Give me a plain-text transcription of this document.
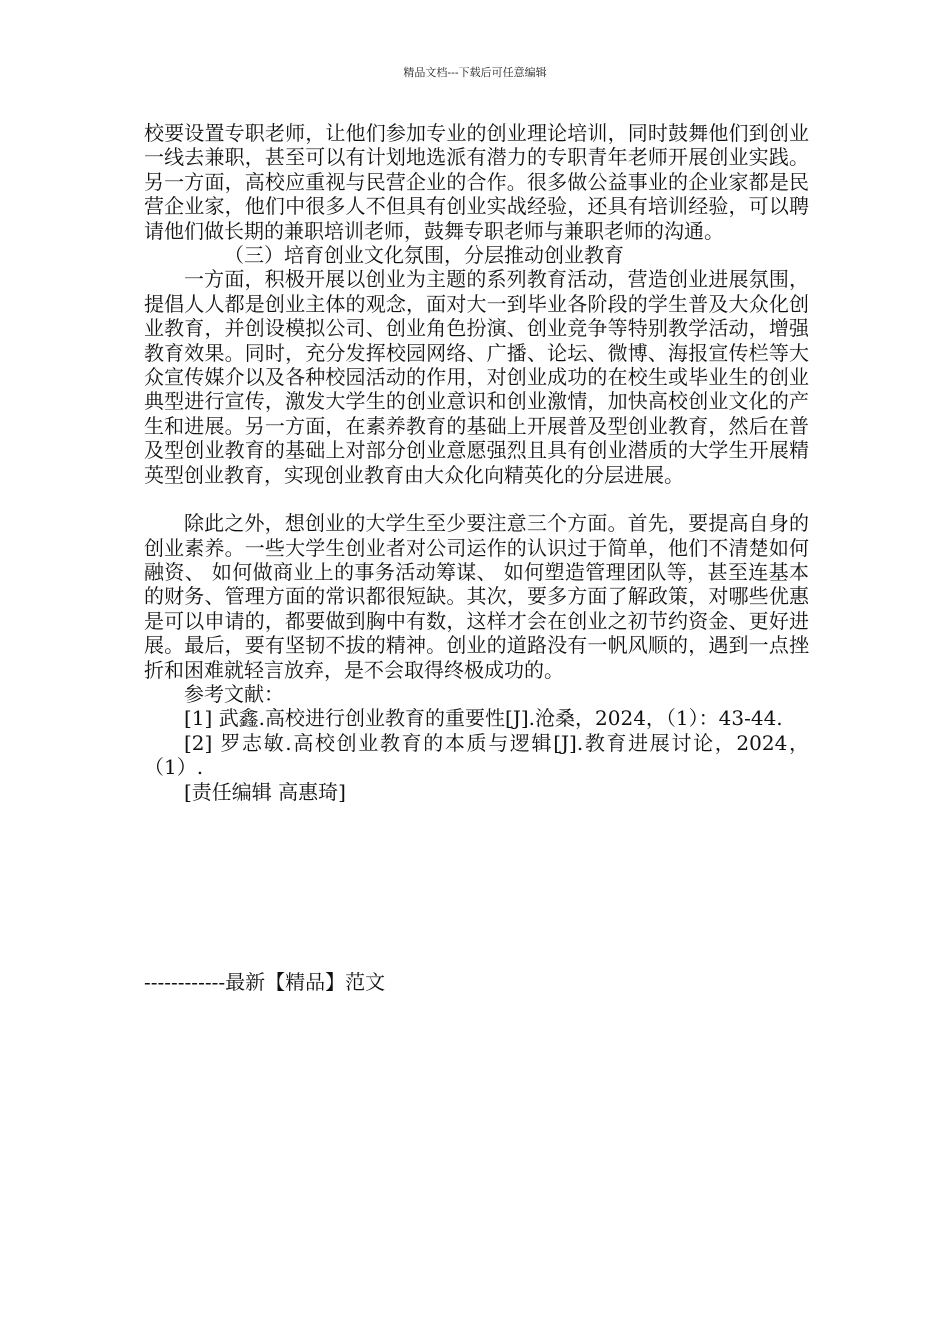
精品文档---下载后可任意编辑

校要设置专职老师，让他们参加专业的创业理论培训，同时鼓舞他们到创业一线去兼职，甚至可以有计划地选派有潜力的专职青年老师开展创业实践。另一方面，高校应重视与民营企业的合作。很多做公益事业的企业家都是民营企业家，他们中很多人不但具有创业实战经验，还具有培训经验，可以聘请他们做长期的兼职培训老师，鼓舞专职老师与兼职老师的沟通。

（三）培育创业文化氛围，分层推动创业教育

一方面，积极开展以创业为主题的系列教育活动，营造创业进展氛围，提倡人人都是创业主体的观念，面对大一到毕业各阶段的学生普及大众化创业教育，并创设模拟公司、创业角色扮演、创业竞争等特别教学活动，增强教育效果。同时，充分发挥校园网络、广播、论坛、微博、海报宣传栏等大众宣传媒介以及各种校园活动的作用，对创业成功的在校生或毕业生的创业典型进行宣传，激发大学生的创业意识和创业激情，加快高校创业文化的产生和进展。另一方面，在素养教育的基础上开展普及型创业教育，然后在普及型创业教育的基础上对部分创业意愿强烈且具有创业潜质的大学生开展精英型创业教育，实现创业教育由大众化向精英化的分层进展。

除此之外，想创业的大学生至少要注意三个方面。首先，要提高自身的创业素养。一些大学生创业者对公司运作的认识过于简单，他们不清楚如何融资、 如何做商业上的事务活动筹谋、 如何塑造管理团队等，甚至连基本的财务、管理方面的常识都很短缺。其次，要多方面了解政策，对哪些优惠是可以申请的，都要做到胸中有数，这样才会在创业之初节约资金、更好进展。最后，要有坚韧不拔的精神。创业的道路没有一帆风顺的，遇到一点挫折和困难就轻言放弃，是不会取得终极成功的。

参考文献：

[1] 武鑫.高校进行创业教育的重要性[J].沧桑，2024，（1）：43-44.

[2] 罗志敏.高校创业教育的本质与逻辑[J].教育进展讨论，2024，（1）.

[责任编辑 高惠琦]

------------最新【精品】范文
